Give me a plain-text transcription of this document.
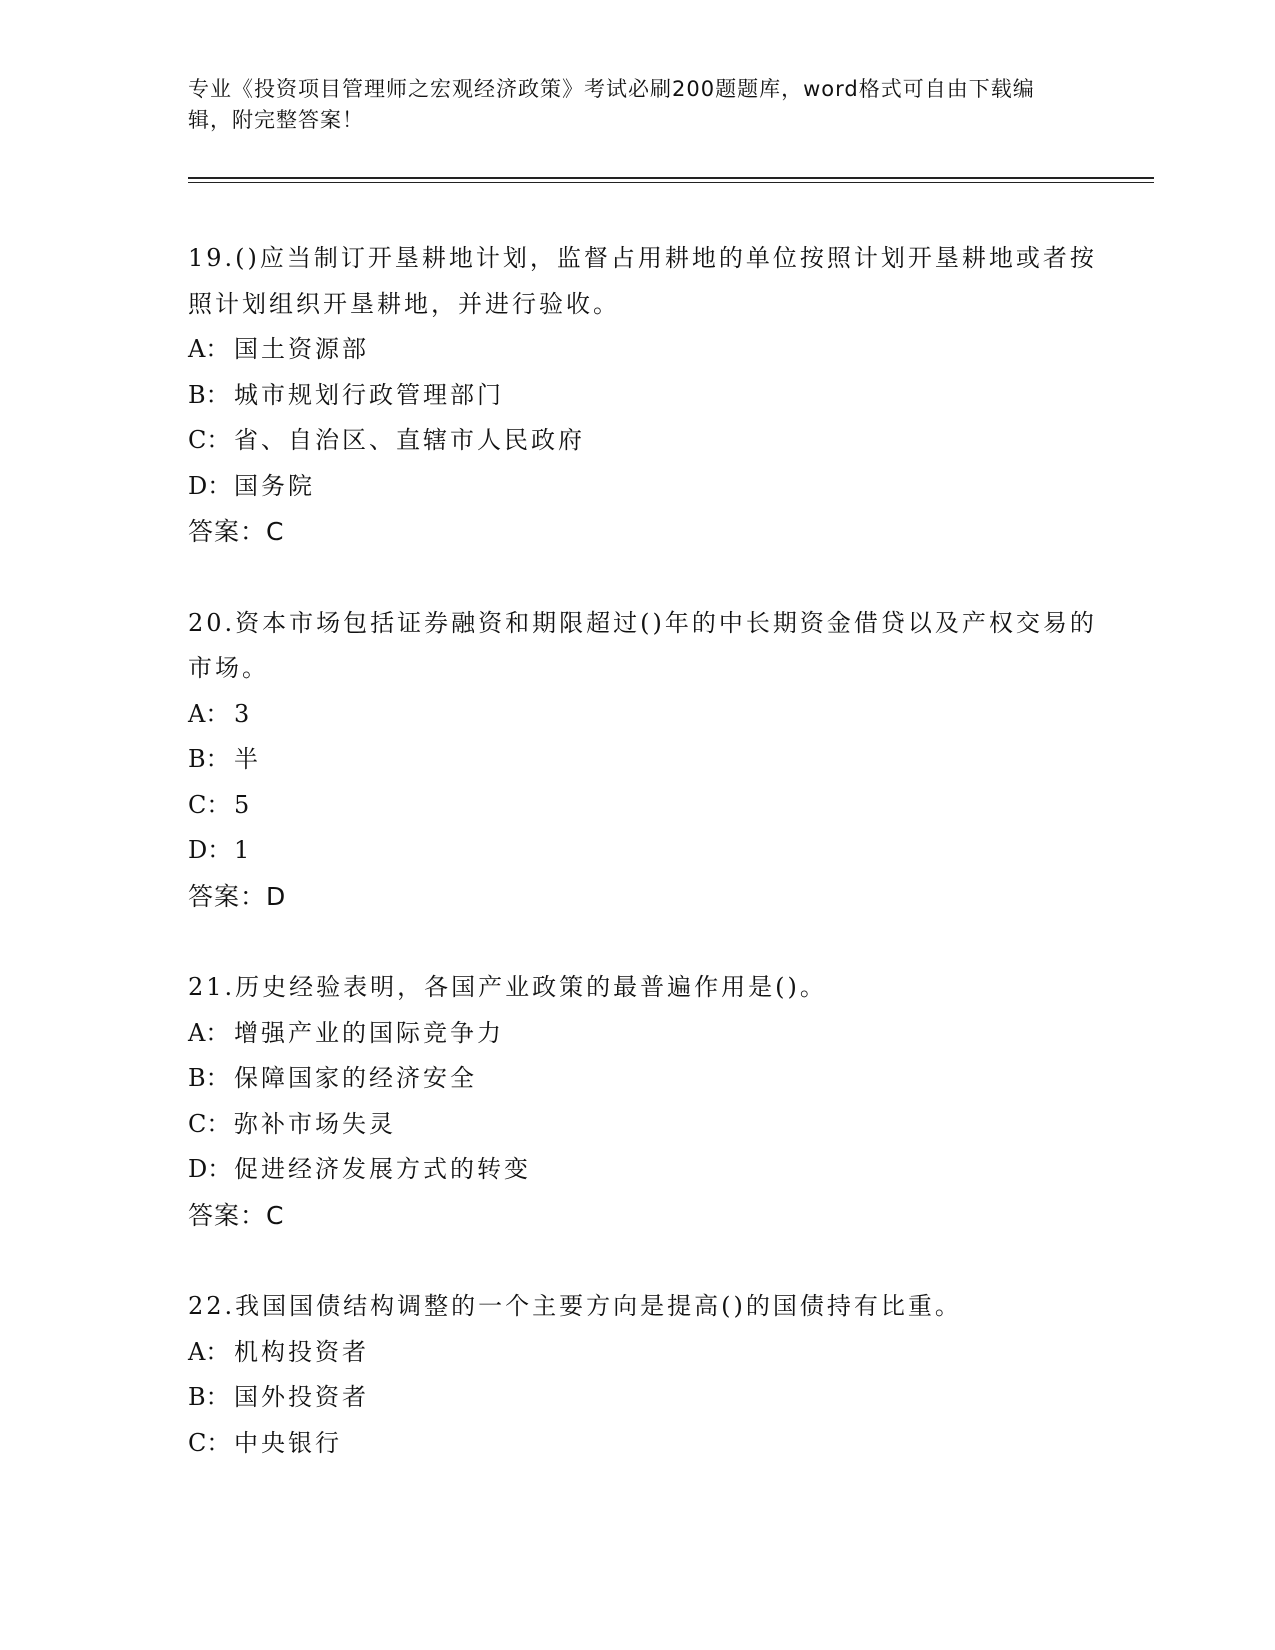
专业《投资项目管理师之宏观经济政策》考试必刷200题题库，word格式可自由下载编辑，附完整答案！

19.()应当制订开垦耕地计划，监督占用耕地的单位按照计划开垦耕地或者按照计划组织开垦耕地，并进行验收。

A： 国土资源部

B： 城市规划行政管理部门

C： 省、自治区、直辖市人民政府

D： 国务院

答案：C

20.资本市场包括证券融资和期限超过()年的中长期资金借贷以及产权交易的市场。

A： 3

B： 半

C： 5

D： 1

答案：D

21.历史经验表明，各国产业政策的最普遍作用是()。

A： 增强产业的国际竞争力

B： 保障国家的经济安全

C： 弥补市场失灵

D： 促进经济发展方式的转变

答案：C

22.我国国债结构调整的一个主要方向是提高()的国债持有比重。

A： 机构投资者

B： 国外投资者

C： 中央银行
